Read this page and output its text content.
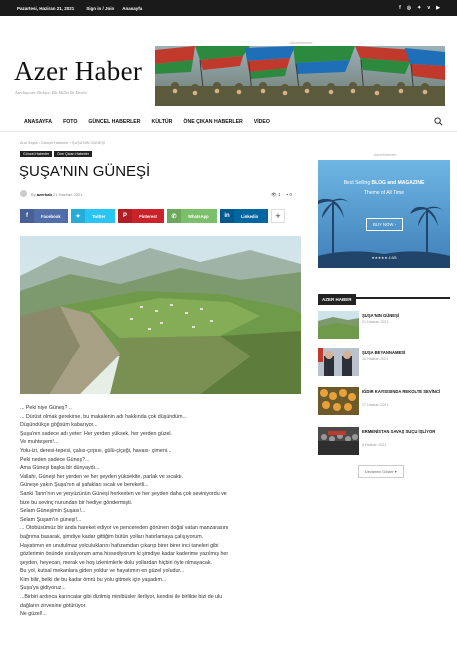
Pazartesi, Haziran 21, 2021	Sign in / Join Anasayfa	f ◎ ✦ v ▶
- Advertisement -
Azer Haber
Azerbaycan-Türkiye, Bir Millet İki Devlet
ANASAYFA FOTO GÜNCEL HABERLER KÜLTÜR ÖNE ÇIKAN HABERLER VİDEO
Ana Sayfa › Güncel Haberler › ŞUŞA'NIN GÜNEŞİ
Güncel Haberler	Öne Çıkan Haberler
ŞUŞA'NIN GÜNEŞİ
By azerhab 21 Haziran 2021	👁 1 ▪ 0
f	Facebook	✦	Twitter	P	Pinterest	✆	WhatsApp	in	Linkedin	+

... Peki niye Güneş? ..

... Dürüst olmak gerekirse, bu makalenin adı hakkında çok düşündüm...

Düşündükçe göğsüm kabarıyor...

Şuşa'nın sadece adı yeter: Her yerden yüksek, her yerden güzel.

Ve muhteşem!...

Yolu-izi, deresi-tepesi, çalısı-çırpısı, gülü-çiçeği, havası- çimeni...

Peki neden sadece Güneş?...

Ama Güneşi başka bir dünyaydı...

Vallahi, Güneşi her yerden ve her şeyden yükseklte, parlak ve sıcaktı.

Güneşe yakın Şuşa'nın al şafakları sıcak ve bereketli...

Sanki Tanrı'nın ve yeryüzünün Güneşi herkesten ve her şeyden daha çok seviniyordu ve

bize bu sevinç nurundan bir hediye göndermişti.

Selam Güneşimin Şuşası!...

Selam Şuşam'ın güneşi!...

... Otobüsümüz bir anda hareket ediyor ve pencereden görünen doğal vatan manzarasını

bağrıma basarak, şimdiye kadar gittiğim bütün yolları hatırlamaya çalışıyorum.

Hayatımın en unutulmaz yolculuklarını hafızamdan çıkarıp birer birer inci taneleri gibi

gözlerimin önünde sıralıyorum ama hissediyorum ki şimdiye kadar kaderime yazılmış her

şeyden, heyecan, merak ve hoş izlenimlerle dolu yollardan hiçbiri öyle olmayacak.

Bu yol, kutsal mekanlara giden yoldur ve hayatımın en güzel yoludur...

Kim bilir, belki de bu kadar ömrü bu yolu gitmek için yaşadım...

Şuşa'ya gidiyoruz...

...Birbiri ardınca karıncalar gibi dizilmiş minibüsler ilerliyor, kendisi ile birlikte bizi de ulu

dağların zirvesine götürüyor.

Ne güzel!...

- Advertisement -
Best Selling BLOG and MAGAZINE
Theme of All Time
BUY NOW ›
★★★★★ 4.9/5
AZER HABER
ŞUŞA'NIN GÜNEŞİ
21 Haziran 2021
ŞUŞA BEYANNAMESİ
16 Haziran 2021
IĞDIR KAYISISINDA REKOLTE SEVİNCİ
17 Haziran 2021
ERMENİSTAN SAVAŞ SUÇU İŞLİYOR
6 Haziran 2021
Devamını Göster ▾
